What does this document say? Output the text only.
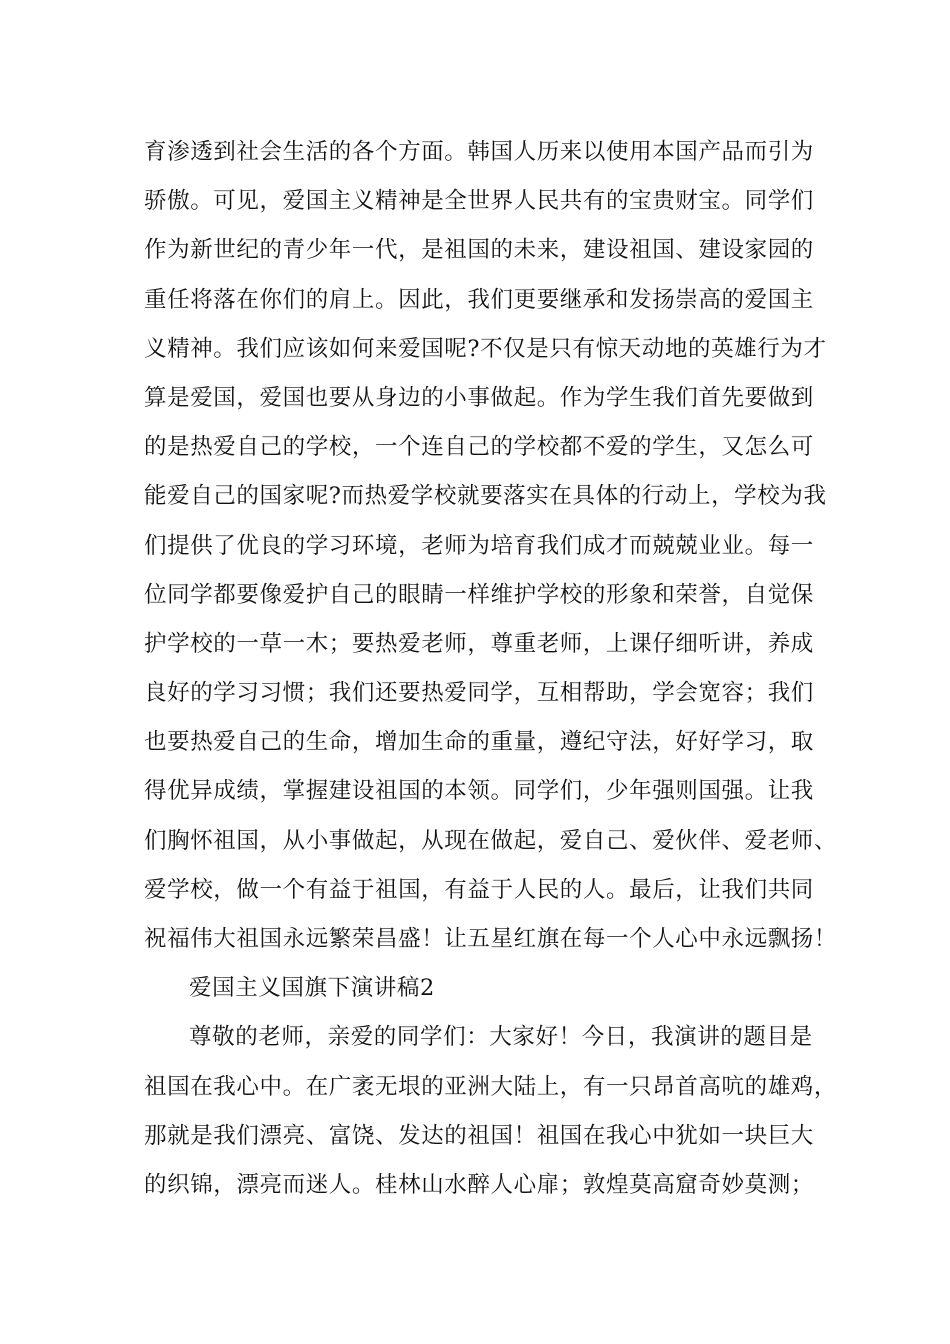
育渗透到社会生活的各个方面。韩国人历来以使用本国产品而引为
骄傲。可见，爱国主义精神是全世界人民共有的宝贵财宝。同学们
作为新世纪的青少年一代，是祖国的未来，建设祖国、建设家园的
重任将落在你们的肩上。因此，我们更要继承和发扬崇高的爱国主
义精神。我们应该如何来爱国呢?不仅是只有惊天动地的英雄行为才
算是爱国，爱国也要从身边的小事做起。作为学生我们首先要做到
的是热爱自己的学校，一个连自己的学校都不爱的学生，又怎么可
能爱自己的国家呢?而热爱学校就要落实在具体的行动上，学校为我
们提供了优良的学习环境，老师为培育我们成才而兢兢业业。每一
位同学都要像爱护自己的眼睛一样维护学校的形象和荣誉，自觉保
护学校的一草一木；要热爱老师，尊重老师，上课仔细听讲，养成
良好的学习习惯；我们还要热爱同学，互相帮助，学会宽容；我们
也要热爱自己的生命，增加生命的重量，遵纪守法，好好学习，取
得优异成绩，掌握建设祖国的本领。同学们，少年强则国强。让我
们胸怀祖国，从小事做起，从现在做起，爱自己、爱伙伴、爱老师、
爱学校，做一个有益于祖国，有益于人民的人。最后，让我们共同
祝福伟大祖国永远繁荣昌盛！让五星红旗在每一个人心中永远飘扬！
爱国主义国旗下演讲稿2
尊敬的老师，亲爱的同学们：大家好！今日，我演讲的题目是
祖国在我心中。在广袤无垠的亚洲大陆上，有一只昂首高吭的雄鸡，
那就是我们漂亮、富饶、发达的祖国！祖国在我心中犹如一块巨大
的织锦，漂亮而迷人。桂林山水醉人心扉；敦煌莫高窟奇妙莫测；
